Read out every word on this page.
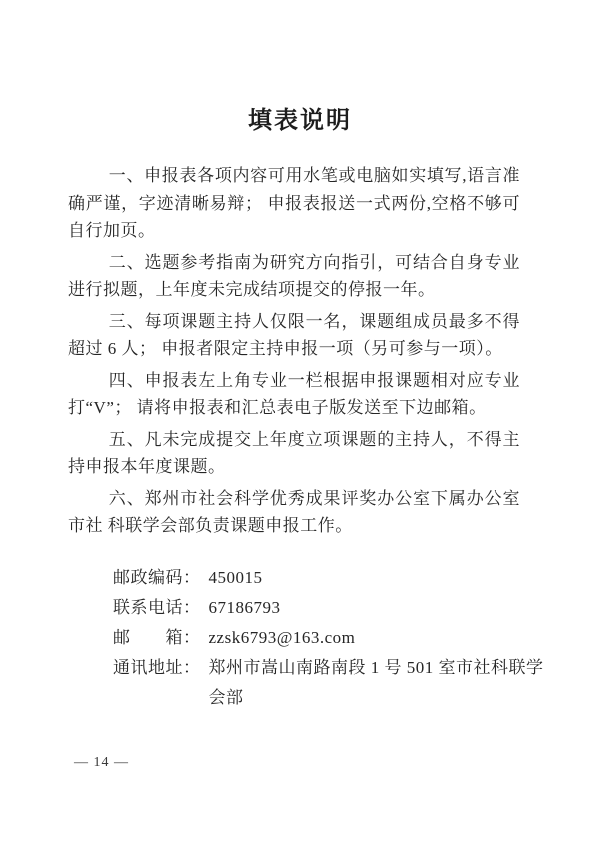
填表说明

一、申报表各项内容可用水笔或电脑如实填写,语言准确严谨，字迹清晰易辩； 申报表报送一式两份,空格不够可自行加页。

二、选题参考指南为研究方向指引，可结合自身专业进行拟题，上年度未完成结项提交的停报一年。

三、每项课题主持人仅限一名，课题组成员最多不得超过 6 人； 申报者限定主持申报一项（另可参与一项）。

四、申报表左上角专业一栏根据申报课题相对应专业打“V”； 请将申报表和汇总表电子版发送至下边邮箱。

五、凡未完成提交上年度立项课题的主持人，不得主持申报本年度课题。

六、郑州市社会科学优秀成果评奖办公室下属办公室市社 科联学会部负责课题申报工作。

邮政编码： 450015
联系电话： 67186793
邮　　箱： zzsk6793@163.com
通讯地址： 郑州市嵩山南路南段 1 号 501 室市社科联学
会部
— 14 —
